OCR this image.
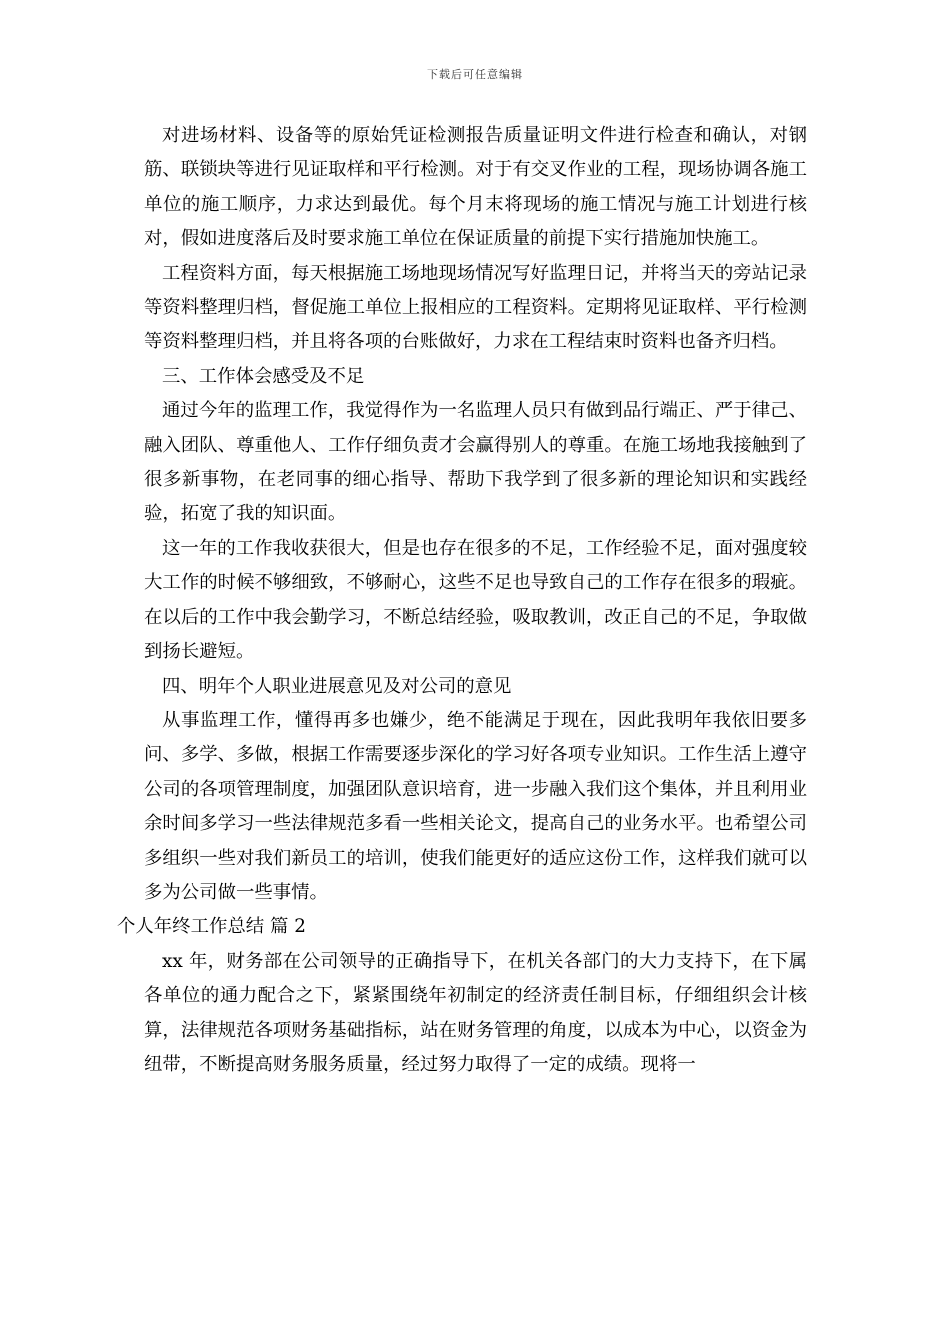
下载后可任意编辑

对进场材料、设备等的原始凭证检测报告质量证明文件进行检查和确认，对钢筋、联锁块等进行见证取样和平行检测。对于有交叉作业的工程，现场协调各施工单位的施工顺序，力求达到最优。每个月末将现场的施工情况与施工计划进行核对，假如进度落后及时要求施工单位在保证质量的前提下实行措施加快施工。

工程资料方面，每天根据施工场地现场情况写好监理日记，并将当天的旁站记录等资料整理归档，督促施工单位上报相应的工程资料。定期将见证取样、平行检测等资料整理归档，并且将各项的台账做好，力求在工程结束时资料也备齐归档。

三、工作体会感受及不足

通过今年的监理工作，我觉得作为一名监理人员只有做到品行端正、严于律己、融入团队、尊重他人、工作仔细负责才会赢得别人的尊重。在施工场地我接触到了很多新事物，在老同事的细心指导、帮助下我学到了很多新的理论知识和实践经验，拓宽了我的知识面。

这一年的工作我收获很大，但是也存在很多的不足，工作经验不足，面对强度较大工作的时候不够细致，不够耐心，这些不足也导致自己的工作存在很多的瑕疵。在以后的工作中我会勤学习，不断总结经验，吸取教训，改正自己的不足，争取做到扬长避短。

四、明年个人职业进展意见及对公司的意见

从事监理工作，懂得再多也嫌少，绝不能满足于现在，因此我明年我依旧要多问、多学、多做，根据工作需要逐步深化的学习好各项专业知识。工作生活上遵守公司的各项管理制度，加强团队意识培育，进一步融入我们这个集体，并且利用业余时间多学习一些法律规范多看一些相关论文，提高自己的业务水平。也希望公司多组织一些对我们新员工的培训，使我们能更好的适应这份工作，这样我们就可以多为公司做一些事情。

个人年终工作总结 篇 2

xx 年，财务部在公司领导的正确指导下，在机关各部门的大力支持下，在下属各单位的通力配合之下，紧紧围绕年初制定的经济责任制目标，仔细组织会计核算，法律规范各项财务基础指标，站在财务管理的角度，以成本为中心，以资金为纽带，不断提高财务服务质量，经过努力取得了一定的成绩。现将一
